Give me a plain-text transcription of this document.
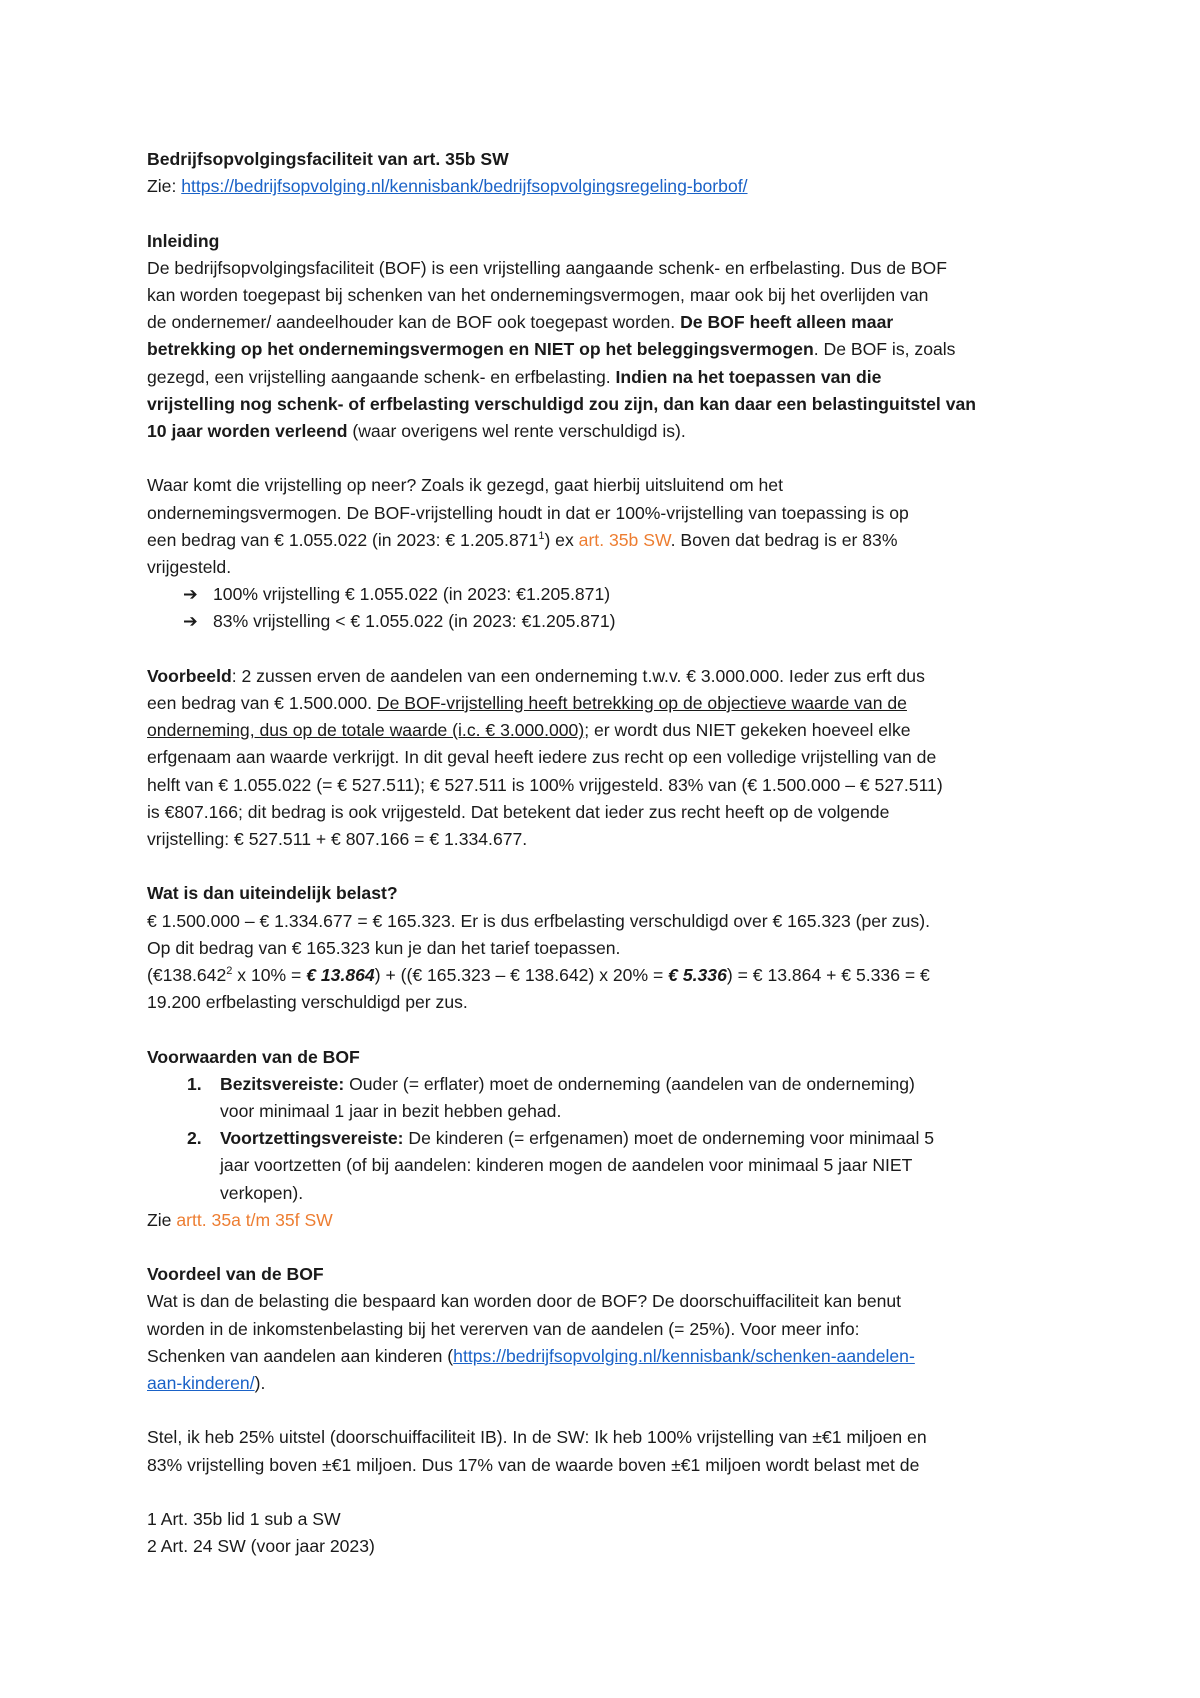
Bedrijfsopvolgingsfaciliteit van art. 35b SW
Zie: https://bedrijfsopvolging.nl/kennisbank/bedrijfsopvolgingsregeling-borbof/
Inleiding
De bedrijfsopvolgingsfaciliteit (BOF) is een vrijstelling aangaande schenk- en erfbelasting. Dus de BOF
kan worden toegepast bij schenken van het ondernemingsvermogen, maar ook bij het overlijden van
de ondernemer/ aandeelhouder kan de BOF ook toegepast worden. De BOF heeft alleen maar
betrekking op het ondernemingsvermogen en NIET op het beleggingsvermogen. De BOF is, zoals
gezegd, een vrijstelling aangaande schenk- en erfbelasting. Indien na het toepassen van die
vrijstelling nog schenk- of erfbelasting verschuldigd zou zijn, dan kan daar een belastinguitstel van
10 jaar worden verleend (waar overigens wel rente verschuldigd is).
Waar komt die vrijstelling op neer? Zoals ik gezegd, gaat hierbij uitsluitend om het
ondernemingsvermogen. De BOF-vrijstelling houdt in dat er 100%-vrijstelling van toepassing is op
een bedrag van € 1.055.022 (in 2023: € 1.205.871$^1$) ex art. 35b SW. Boven dat bedrag is er 83%
vrijgesteld.
➔ 100% vrijstelling € 1.055.022 (in 2023: €1.205.871)
➔ 83% vrijstelling < € 1.055.022 (in 2023: €1.205.871)
Voorbeeld: 2 zussen erven de aandelen van een onderneming t.w.v. € 3.000.000. Ieder zus erft dus
een bedrag van € 1.500.000. De BOF-vrijstelling heeft betrekking op de objectieve waarde van de
onderneming, dus op de totale waarde (i.c. € 3.000.000); er wordt dus NIET gekeken hoeveel elke
erfgenaam aan waarde verkrijgt. In dit geval heeft iedere zus recht op een volledige vrijstelling van de
helft van € 1.055.022 (= € 527.511); € 527.511 is 100% vrijgesteld. 83% van (€ 1.500.000 – € 527.511)
is €807.166; dit bedrag is ook vrijgesteld. Dat betekent dat ieder zus recht heeft op de volgende
vrijstelling: € 527.511 + € 807.166 = € 1.334.677.
Wat is dan uiteindelijk belast?
€ 1.500.000 – € 1.334.677 = € 165.323. Er is dus erfbelasting verschuldigd over € 165.323 (per zus).
Op dit bedrag van € 165.323 kun je dan het tarief toepassen.
(€138.642$^2$ x 10% = € 13.864) + ((€ 165.323 – € 138.642) x 20% = € 5.336) = € 13.864 + € 5.336 = €
19.200 erfbelasting verschuldigd per zus.
Voorwaarden van de BOF
1. Bezitsvereiste: Ouder (= erflater) moet de onderneming (aandelen van de onderneming)
voor minimaal 1 jaar in bezit hebben gehad.
2. Voortzettingsvereiste: De kinderen (= erfgenamen) moet de onderneming voor minimaal 5
jaar voortzetten (of bij aandelen: kinderen mogen de aandelen voor minimaal 5 jaar NIET
verkopen).
Zie artt. 35a t/m 35f SW
Voordeel van de BOF
Wat is dan de belasting die bespaard kan worden door de BOF? De doorschuiffaciliteit kan benut
worden in de inkomstenbelasting bij het vererven van de aandelen (= 25%). Voor meer info:
Schenken van aandelen aan kinderen (https://bedrijfsopvolging.nl/kennisbank/schenken-aandelen-
aan-kinderen/).
Stel, ik heb 25% uitstel (doorschuiffaciliteit IB). In de SW: Ik heb 100% vrijstelling van ±€1 miljoen en
83% vrijstelling boven ±€1 miljoen. Dus 17% van de waarde boven ±€1 miljoen wordt belast met de
1 Art. 35b lid 1 sub a SW
2 Art. 24 SW (voor jaar 2023)
